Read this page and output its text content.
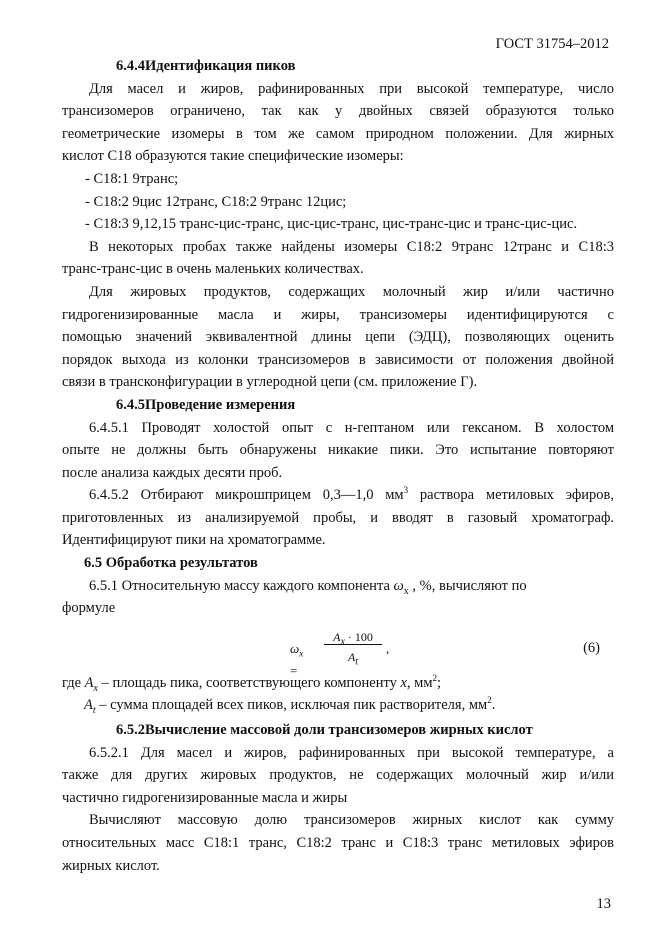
ГОСТ 31754–2012

6.4.4Идентификация пиков

Для масел и жиров, рафинированных при высокой температуре, число

трансизомеров ограничено, так как у двойных связей образуются только

геометрические изомеры в том же самом природном положении. Для жирных

кислот С18 образуются такие специфические изомеры:

- С18:1 9транс;

- С18:2 9цис 12транс, С18:2 9транс 12цис;

- С18:3 9,12,15 транс-цис-транс, цис-цис-транс, цис-транс-цис и транс-цис-цис.

В некоторых пробах также найдены изомеры С18:2 9транс 12транс и С18:3

транс-транс-цис в очень маленьких количествах.

Для жировых продуктов, содержащих молочный жир и/или частично

гидрогенизированные масла и жиры, трансизомеры идентифицируются с

помощью значений эквивалентной длины цепи (ЭДЦ), позволяющих оценить

порядок выхода из колонки трансизомеров в зависимости от положения двойной

связи в трансконфигурации в углеродной цепи (см. приложение Г).

6.4.5Проведение измерения

6.4.5.1 Проводят холостой опыт с н-гептаном или гексаном. В холостом

опыте не должны быть обнаружены никакие пики. Это испытание повторяют

после анализа каждых десяти проб.

6.4.5.2 Отбирают микрошприцем 0,3—1,0 $мм^3$ раствора метиловых эфиров,

приготовленных из анализируемой пробы, и вводят в газовый хроматограф.

Идентифицируют пики на хроматограмме.

6.5 Обработка результатов

6.5.1 Относительную массу каждого компонента $\omega_x$ , %, вычисляют по

формуле

$\omega_x$ =
$A_x \cdot 100$
$A_t$
,	(6)

где $A_x$ – площадь пика, соответствующего компоненту x, $мм^2$;

$A_t$ – сумма площадей всех пиков, исключая пик растворителя, $мм^2$.

6.5.2Вычисление массовой доли трансизомеров жирных кислот

6.5.2.1 Для масел и жиров, рафинированных при высокой температуре, а

также для других жировых продуктов, не содержащих молочный жир и/или

частично гидрогенизированные масла и жиры

Вычисляют массовую долю трансизомеров жирных кислот как сумму

относительных масс С18:1 транс, С18:2 транс и С18:3 транс метиловых эфиров

жирных кислот.

13
